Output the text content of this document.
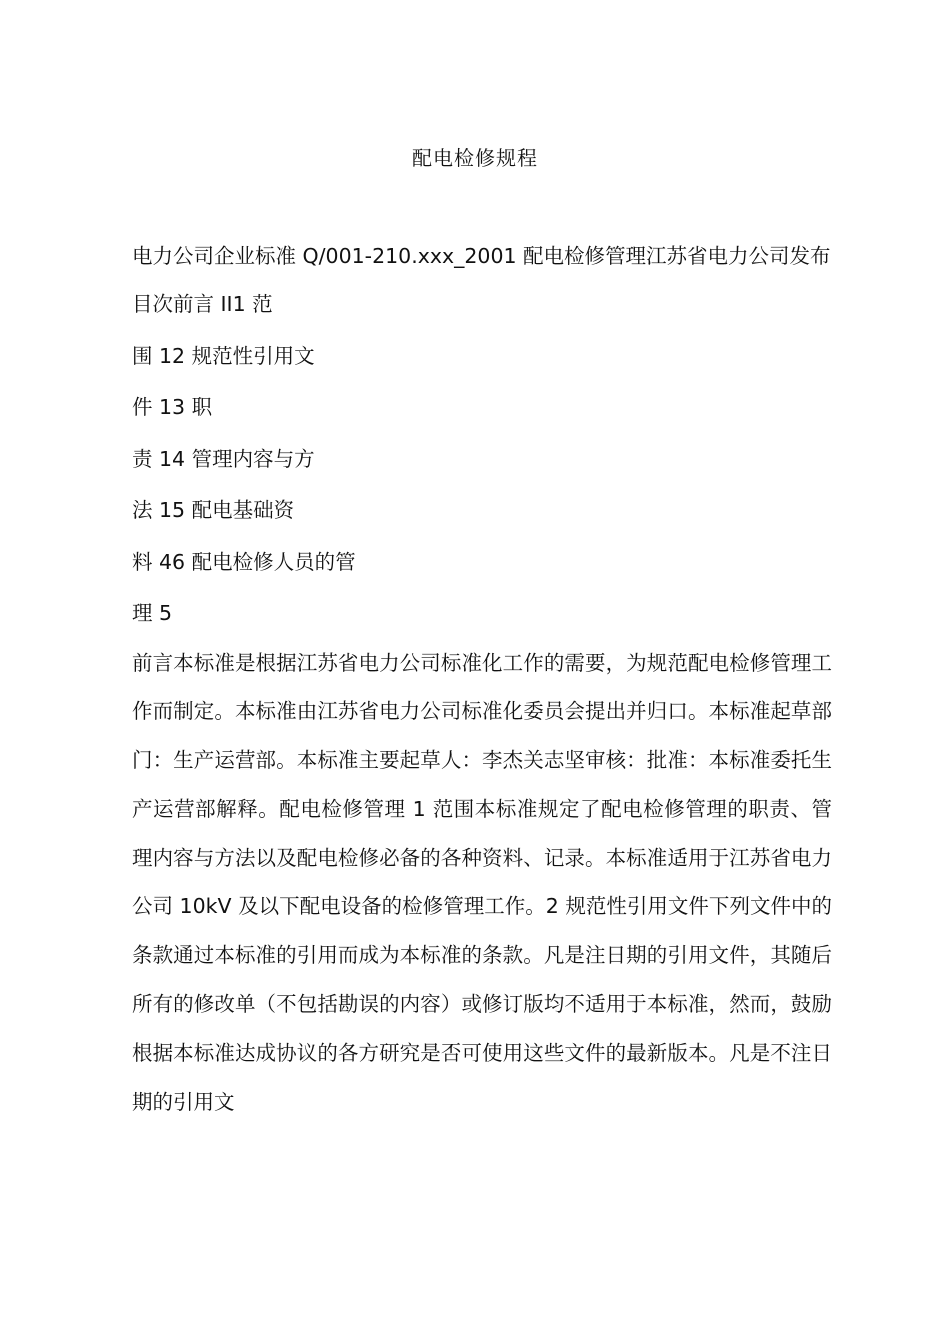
配电检修规程

电力公司企业标准 Q/001-210.xxx_2001 配电检修管理江苏省电力公司发布

目次前言 II1 范

围 12 规范性引用文

件 13 职

责 14 管理内容与方

法 15 配电基础资

料 46 配电检修人员的管

理 5

前言本标准是根据江苏省电力公司标准化工作的需要，为规范配电检修管理工作而制定。本标准由江苏省电力公司标准化委员会提出并归口。本标准起草部门：生产运营部。本标准主要起草人：李杰关志坚审核：批准：本标准委托生产运营部解释。配电检修管理 1 范围本标准规定了配电检修管理的职责、管理内容与方法以及配电检修必备的各种资料、记录。本标准适用于江苏省电力公司 10kV 及以下配电设备的检修管理工作。2 规范性引用文件下列文件中的条款通过本标准的引用而成为本标准的条款。凡是注日期的引用文件，其随后所有的修改单（不包括勘误的内容）或修订版均不适用于本标准，然而，鼓励根据本标准达成协议的各方研究是否可使用这些文件的最新版本。凡是不注日期的引用文
